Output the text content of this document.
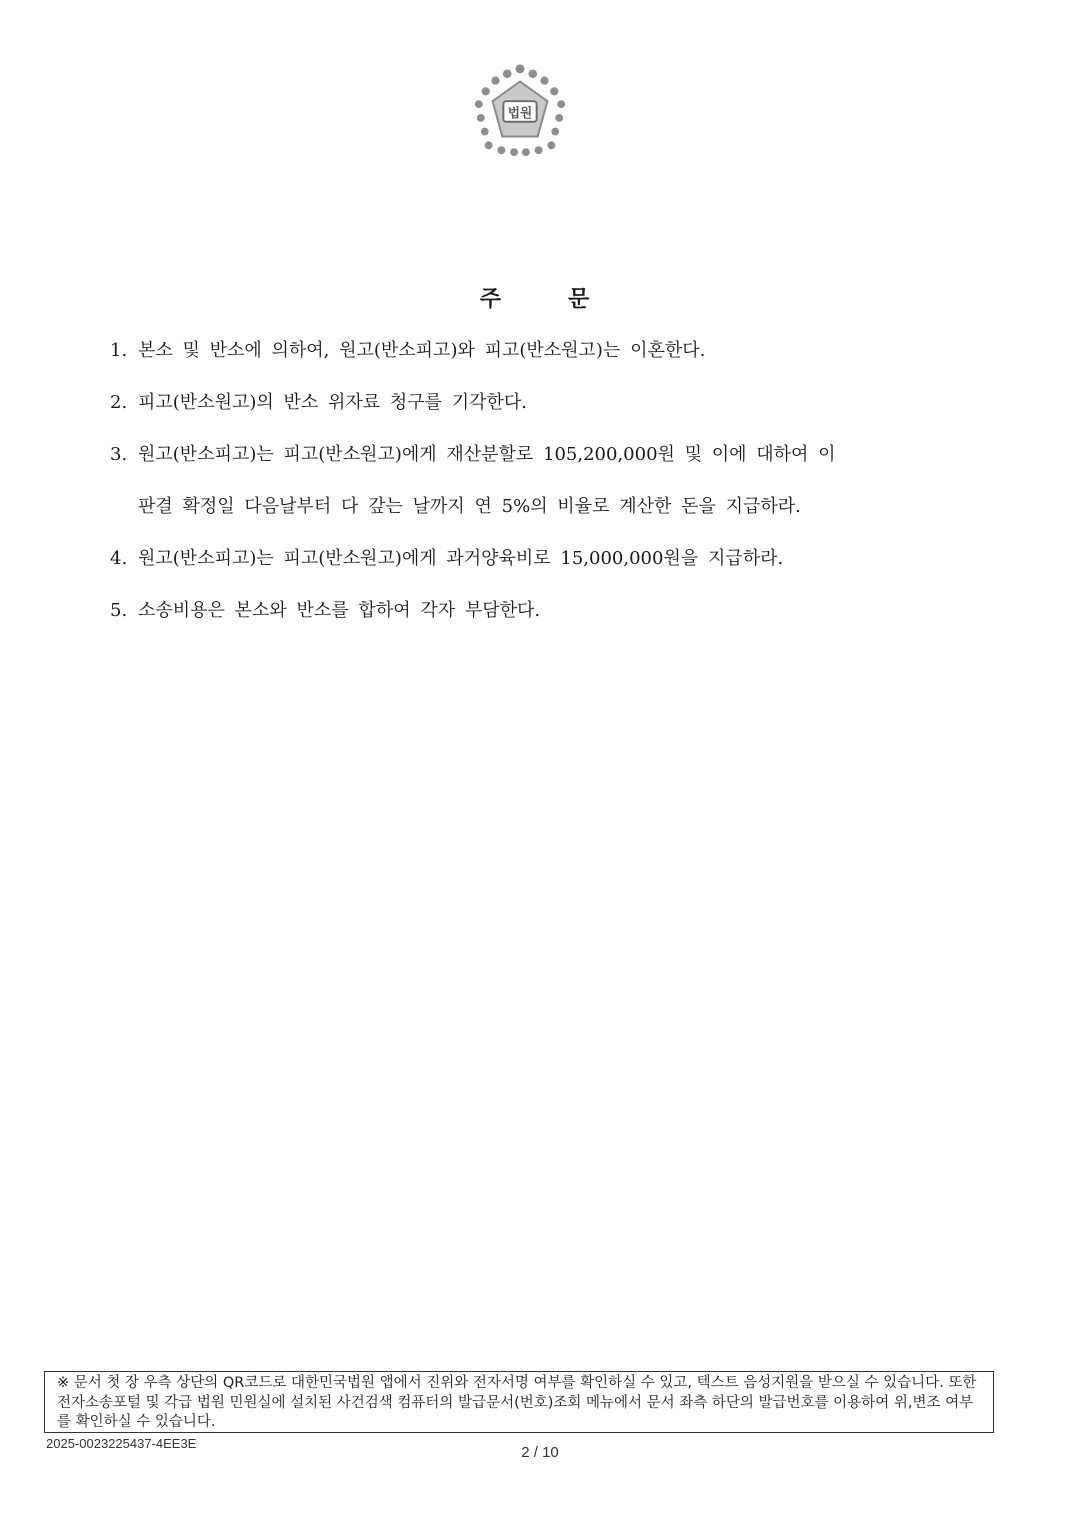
법원
주	문
1. 본소 및 반소에 의하여, 원고(반소피고)와 피고(반소원고)는 이혼한다.
2. 피고(반소원고)의 반소 위자료 청구를 기각한다.
3. 원고(반소피고)는 피고(반소원고)에게 재산분할로 105,200,000원 및 이에 대하여 이
판결 확정일 다음날부터 다 갚는 날까지 연 5%의 비율로 계산한 돈을 지급하라.
4. 원고(반소피고)는 피고(반소원고)에게 과거양육비로 15,000,000원을 지급하라.
5. 소송비용은 본소와 반소를 합하여 각자 부담한다.
※ 문서 첫 장 우측 상단의 QR코드로 대한민국법원 앱에서 진위와 전자서명 여부를 확인하실 수 있고, 텍스트 음성지원을 받으실 수 있습니다. 또한 전자소송포털 및 각급 법원 민원실에 설치된 사건검색 컴퓨터의 발급문서(번호)조회 메뉴에서 문서 좌측 하단의 발급번호를 이용하여 위,변조 여부를 확인하실 수 있습니다.
2025-0023225437-4EE3E
2 / 10
